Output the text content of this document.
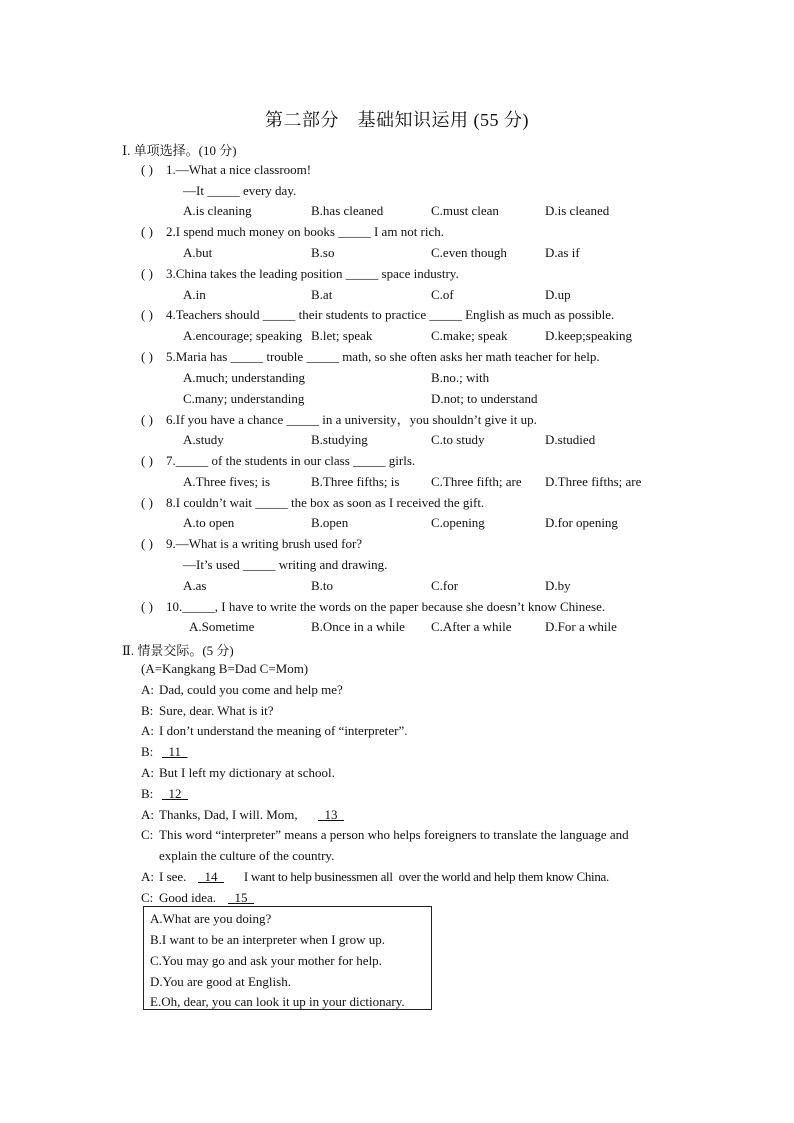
第二部分　基础知识运用 (55 分)
Ⅰ. 单项选择。(10 分)
( ) 1.—What a nice classroom!
—It _____ every day.
A.is cleaning	B.has cleaned	C.must clean	D.is cleaned
( ) 2.I spend much money on books _____ I am not rich.
A.but	B.so	C.even though	D.as if
( ) 3.China takes the leading position _____ space industry.
A.in	B.at	C.of	D.up
( ) 4.Teachers should _____ their students to practice _____ English as much as possible.
A.encourage; speaking B.let; speak	C.make; speak	D.keep;speaking
( ) 5.Maria has _____ trouble _____ math, so she often asks her math teacher for help.
A.much; understanding	B.no.; with
C.many; understanding	D.not; to understand
( ) 6.If you have a chance _____ in a university，you shouldn’t give it up.
A.study	B.studying	C.to study	D.studied
( ) 7._____ of the students in our class _____ girls.
A.Three fives; is	B.Three fifths; is C.Three fifth; are D.Three fifths; are
( ) 8.I couldn’t wait _____ the box as soon as I received the gift.
A.to open	B.open	C.opening	D.for opening
( ) 9.—What is a writing brush used for?
—It’s used _____ writing and drawing.
A.as	B.to	C.for	D.by
( ) 10._____, I have to write the words on the paper because she doesn’t know Chinese.
A.Sometime	B.Once in a while C.After a while	D.For a while
Ⅱ. 情景交际。(5 分)
(A=Kangkang B=Dad C=Mom)
A: Dad, could you come and help me?
B: Sure, dear. What is it?
A: I don’t understand the meaning of “interpreter”.
B: 11
A: But I left my dictionary at school.
B: 12
A: Thanks, Dad, I will. Mom, 13
C: This word “interpreter” means a person who helps foreigners to translate the language and
explain the culture of the country.
A: I see. 14 I want to help businessmen all  over the world and help them know China.
C: Good idea. 15
A.What are you doing?
B.I want to be an interpreter when I grow up.
C.You may go and ask your mother for help.
D.You are good at English.
E.Oh, dear, you can look it up in your dictionary.
